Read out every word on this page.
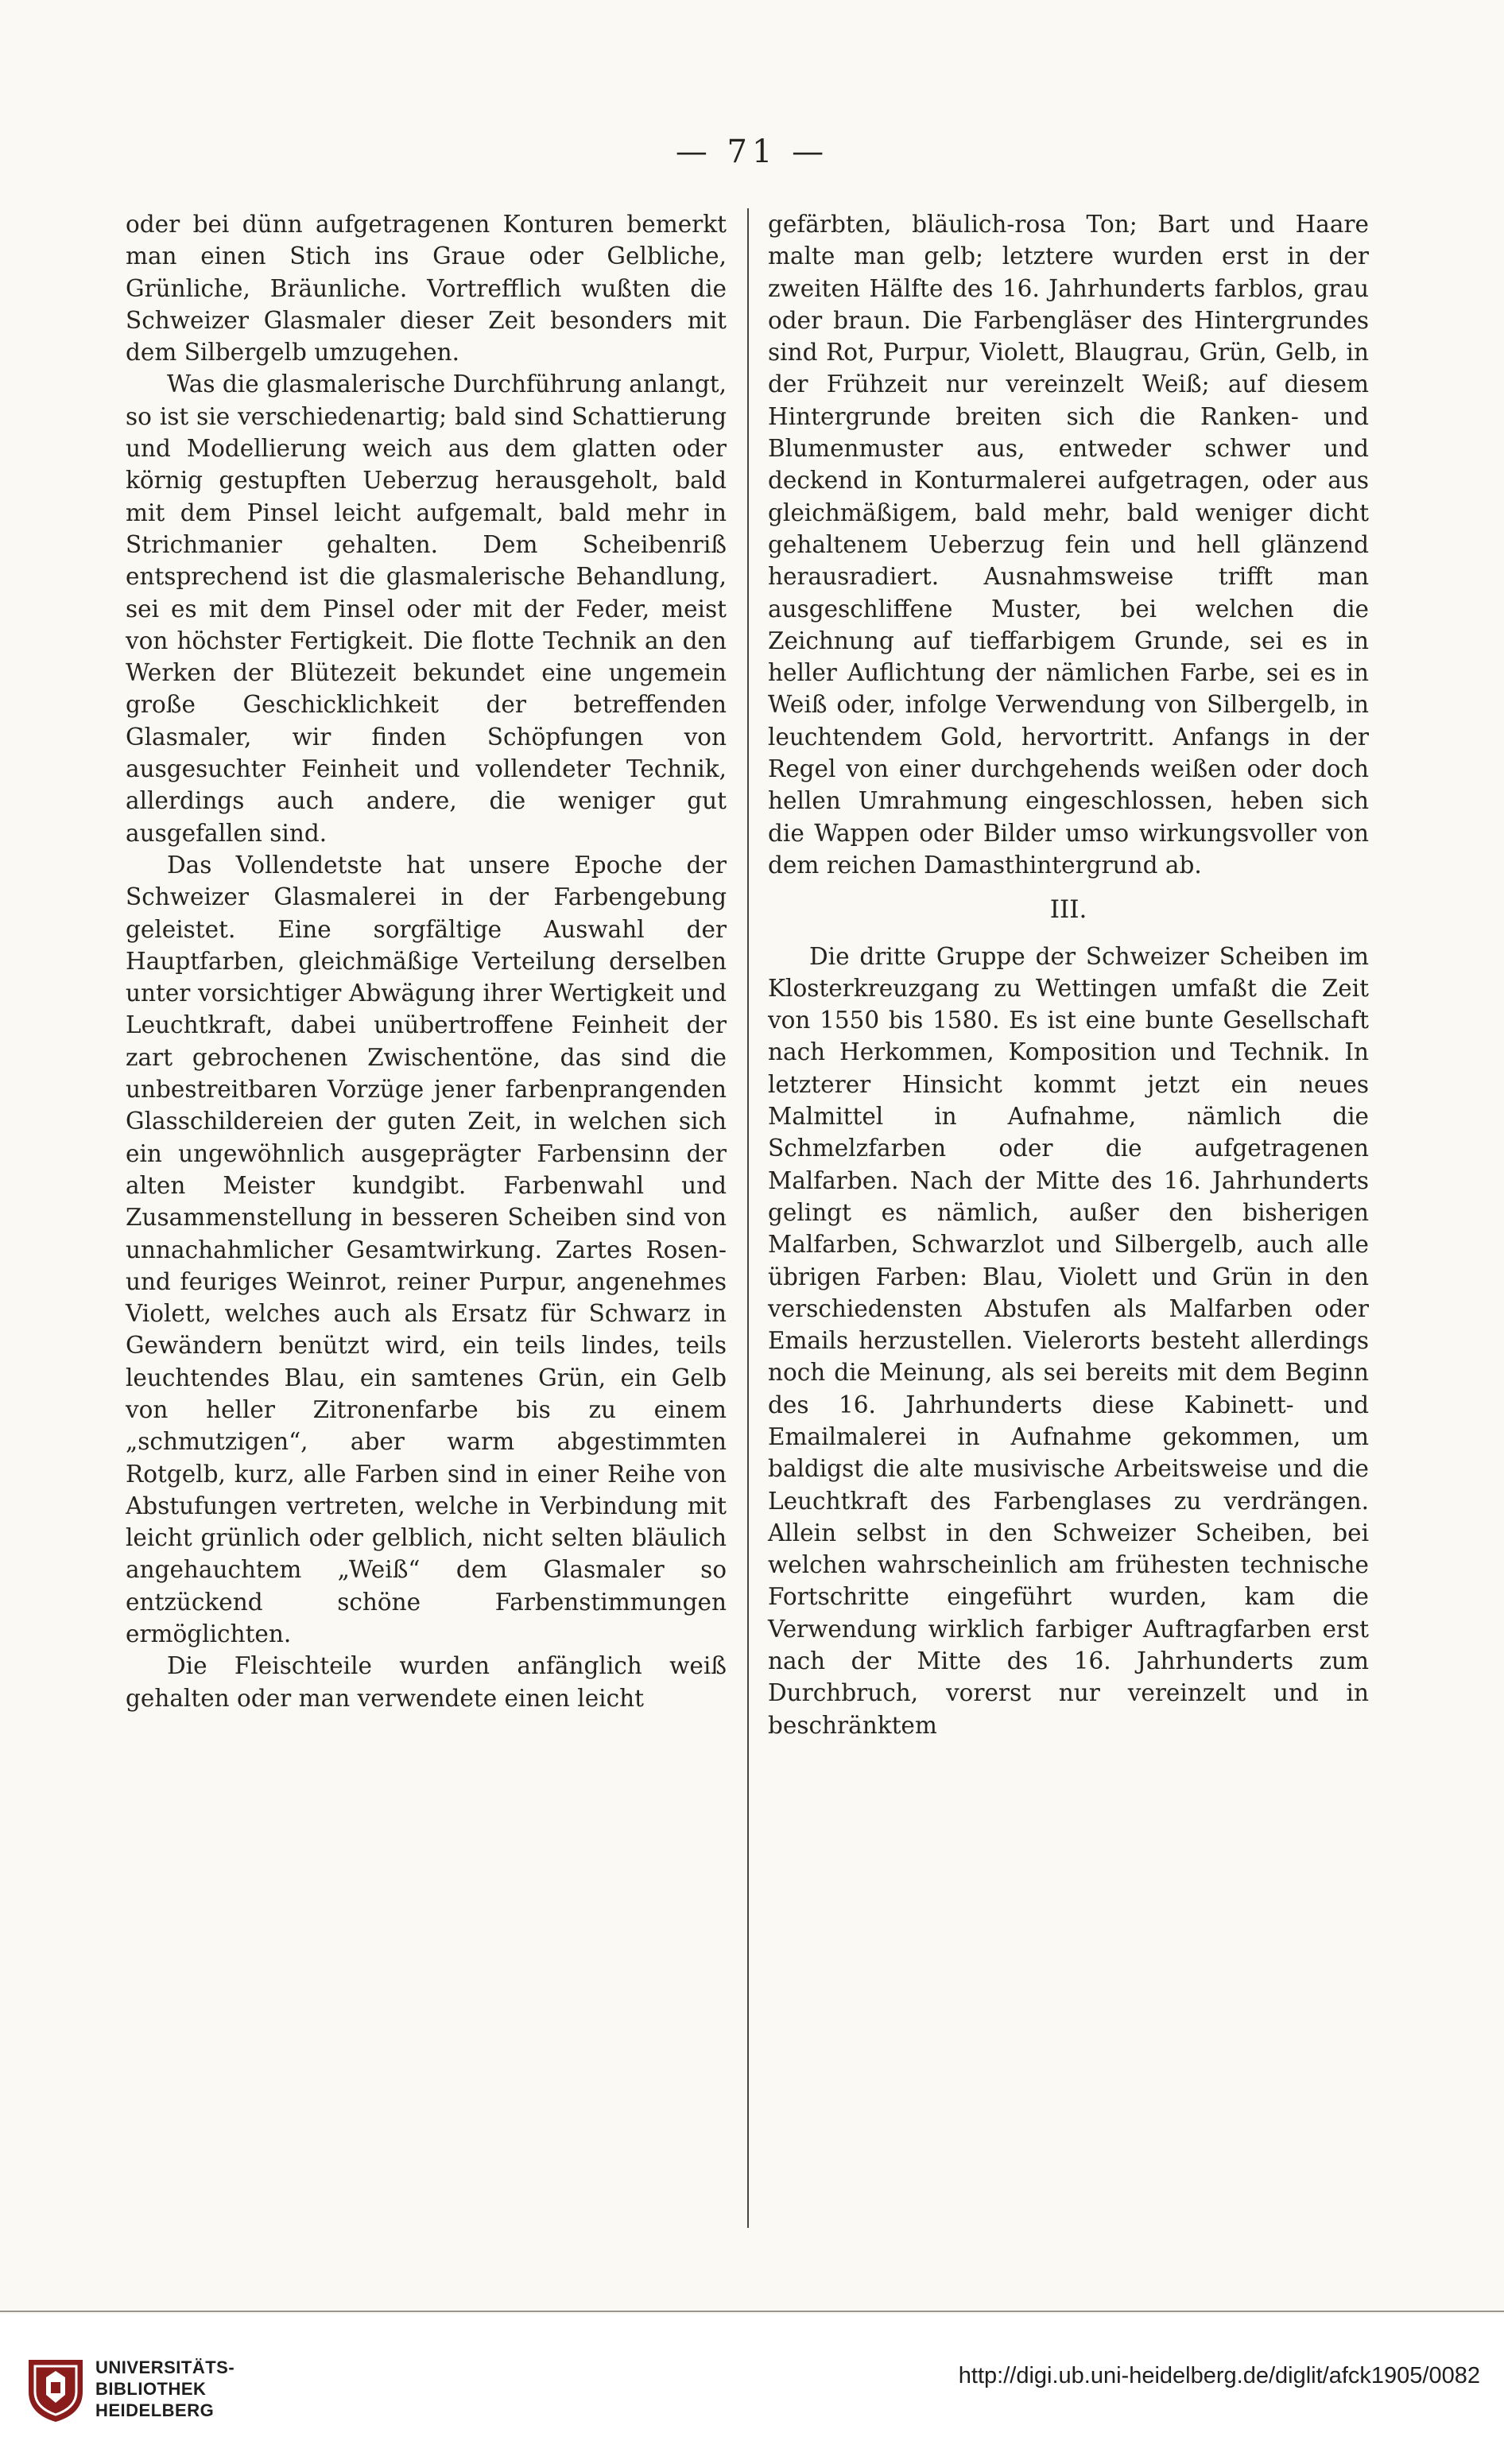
— 71 —

oder bei dünn aufgetragenen Konturen bemerkt man einen Stich ins Graue oder Gelbliche, Grünliche, Bräunliche. Vortrefflich wußten die Schweizer Glasmaler dieser Zeit besonders mit dem Silbergelb umzugehen.

Was die glasmalerische Durchführung anlangt, so ist sie verschiedenartig; bald sind Schattierung und Modellierung weich aus dem glatten oder körnig gestupften Ueberzug herausgeholt, bald mit dem Pinsel leicht aufgemalt, bald mehr in Strichmanier gehalten. Dem Scheibenriß entsprechend ist die glasmalerische Behandlung, sei es mit dem Pinsel oder mit der Feder, meist von höchster Fertigkeit. Die flotte Technik an den Werken der Blütezeit bekundet eine ungemein große Geschicklichkeit der betreffenden Glasmaler, wir finden Schöpfungen von ausgesuchter Feinheit und vollendeter Technik, allerdings auch andere, die weniger gut ausgefallen sind.

Das Vollendetste hat unsere Epoche der Schweizer Glasmalerei in der Farbengebung geleistet. Eine sorgfältige Auswahl der Hauptfarben, gleichmäßige Verteilung derselben unter vorsichtiger Abwägung ihrer Wertigkeit und Leuchtkraft, dabei unübertroffene Feinheit der zart gebrochenen Zwischentöne, das sind die unbestreitbaren Vorzüge jener farbenprangenden Glasschildereien der guten Zeit, in welchen sich ein ungewöhnlich ausgeprägter Farbensinn der alten Meister kundgibt. Farbenwahl und Zusammenstellung in besseren Scheiben sind von unnachahmlicher Gesamtwirkung. Zartes Rosen- und feuriges Weinrot, reiner Purpur, angenehmes Violett, welches auch als Ersatz für Schwarz in Gewändern benützt wird, ein teils lindes, teils leuchtendes Blau, ein samtenes Grün, ein Gelb von heller Zitronenfarbe bis zu einem „schmutzigen“, aber warm abgestimmten Rotgelb, kurz, alle Farben sind in einer Reihe von Abstufungen vertreten, welche in Verbindung mit leicht grünlich oder gelblich, nicht selten bläulich angehauchtem „Weiß“ dem Glasmaler so entzückend schöne Farbenstimmungen ermöglichten.

Die Fleischteile wurden anfänglich weiß gehalten oder man verwendete einen leicht

gefärbten, bläulich-rosa Ton; Bart und Haare malte man gelb; letztere wurden erst in der zweiten Hälfte des 16. Jahrhunderts farblos, grau oder braun. Die Farbengläser des Hintergrundes sind Rot, Purpur, Violett, Blaugrau, Grün, Gelb, in der Frühzeit nur vereinzelt Weiß; auf diesem Hintergrunde breiten sich die Ranken- und Blumenmuster aus, entweder schwer und deckend in Konturmalerei aufgetragen, oder aus gleichmäßigem, bald mehr, bald weniger dicht gehaltenem Ueberzug fein und hell glänzend herausradiert. Ausnahmsweise trifft man ausgeschliffene Muster, bei welchen die Zeichnung auf tieffarbigem Grunde, sei es in heller Auflichtung der nämlichen Farbe, sei es in Weiß oder, infolge Verwendung von Silbergelb, in leuchtendem Gold, hervortritt. Anfangs in der Regel von einer durchgehends weißen oder doch hellen Umrahmung eingeschlossen, heben sich die Wappen oder Bilder umso wirkungsvoller von dem reichen Damasthintergrund ab.

III.

Die dritte Gruppe der Schweizer Scheiben im Klosterkreuzgang zu Wettingen umfaßt die Zeit von 1550 bis 1580. Es ist eine bunte Gesellschaft nach Herkommen, Komposition und Technik. In letzterer Hinsicht kommt jetzt ein neues Malmittel in Aufnahme, nämlich die Schmelzfarben oder die aufgetragenen Malfarben. Nach der Mitte des 16. Jahrhunderts gelingt es nämlich, außer den bisherigen Malfarben, Schwarzlot und Silbergelb, auch alle übrigen Farben: Blau, Violett und Grün in den verschiedensten Abstufen als Malfarben oder Emails herzustellen. Vielerorts besteht allerdings noch die Meinung, als sei bereits mit dem Beginn des 16. Jahrhunderts diese Kabinett- und Emailmalerei in Aufnahme gekommen, um baldigst die alte musivische Arbeitsweise und die Leuchtkraft des Farbenglases zu verdrängen. Allein selbst in den Schweizer Scheiben, bei welchen wahrscheinlich am frühesten technische Fortschritte eingeführt wurden, kam die Verwendung wirklich farbiger Auftragfarben erst nach der Mitte des 16. Jahrhunderts zum Durchbruch, vorerst nur vereinzelt und in beschränktem

UNIVERSITÄTS-
BIBLIOTHEK
HEIDELBERG
http://digi.ub.uni-heidelberg.de/diglit/afck1905/0082
